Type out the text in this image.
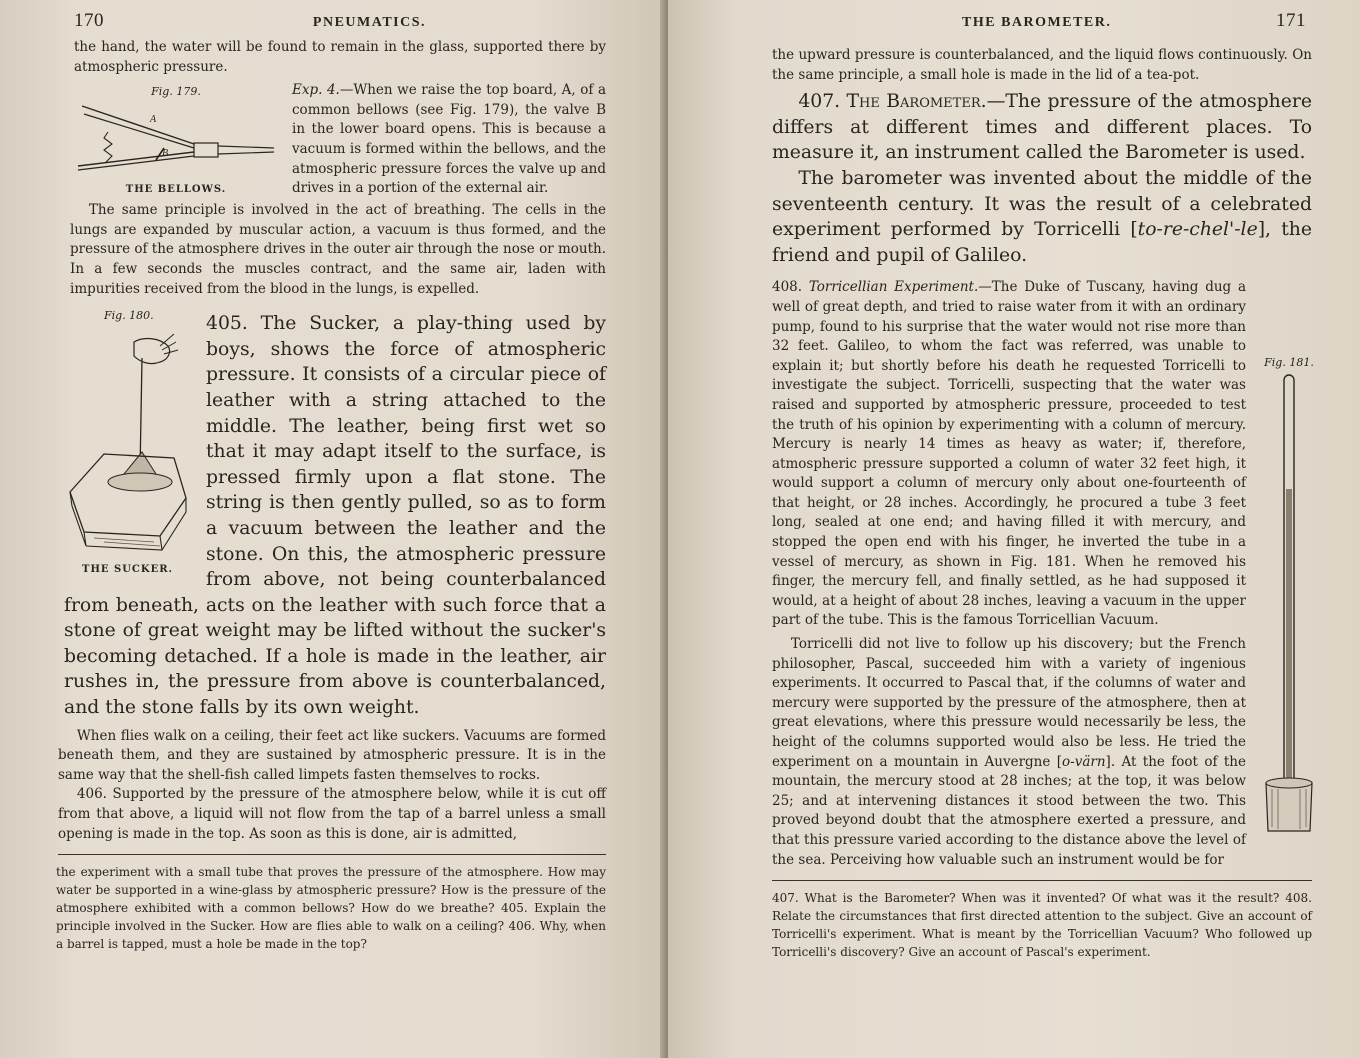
170	PNEUMATICS.

the hand, the water will be found to remain in the glass, supported there by atmospheric pressure.

Fig. 179.
A
B
THE BELLOWS.

Exp. 4.—When we raise the top board, A, of a common bellows (see Fig. 179), the valve B in the lower board opens. This is because a vacuum is formed within the bellows, and the atmospheric pressure forces the valve up and drives in a portion of the external air.

The same principle is involved in the act of breathing. The cells in the lungs are expanded by muscular action, a vacuum is thus formed, and the pressure of the atmosphere drives in the outer air through the nose or mouth. In a few seconds the muscles contract, and the same air, laden with impurities received from the blood in the lungs, is expelled.

Fig. 180.
THE SUCKER.

405. The Sucker, a play-thing used by boys, shows the force of atmospheric pressure. It consists of a circular piece of leather with a string attached to the middle. The leather, being first wet so that it may adapt itself to the surface, is pressed firmly upon a flat stone. The string is then gently pulled, so as to form a vacuum between the leather and the stone. On this, the atmospheric pressure from above, not being counterbalanced from beneath, acts on the leather with such force that a stone of great weight may be lifted without the sucker's becoming detached. If a hole is made in the leather, air rushes in, the pressure from above is counterbalanced, and the stone falls by its own weight.

When flies walk on a ceiling, their feet act like suckers. Vacuums are formed beneath them, and they are sustained by atmospheric pressure. It is in the same way that the shell-fish called limpets fasten themselves to rocks.

406. Supported by the pressure of the atmosphere below, while it is cut off from that above, a liquid will not flow from the tap of a barrel unless a small opening is made in the top. As soon as this is done, air is admitted,

the experiment with a small tube that proves the pressure of the atmosphere. How may water be supported in a wine-glass by atmospheric pressure? How is the pressure of the atmosphere exhibited with a common bellows? How do we breathe? 405. Explain the principle involved in the Sucker. How are flies able to walk on a ceiling? 406. Why, when a barrel is tapped, must a hole be made in the top?

THE BAROMETER.	171

the upward pressure is counterbalanced, and the liquid flows continuously. On the same principle, a small hole is made in the lid of a tea-pot.

407. The Barometer.—The pressure of the atmosphere differs at different times and different places. To measure it, an instrument called the Barometer is used.

The barometer was invented about the middle of the seventeenth century. It was the result of a celebrated experiment performed by Torricelli [to-re-chel'-le], the friend and pupil of Galileo.

Fig. 181.

408. Torricellian Experiment.—The Duke of Tuscany, having dug a well of great depth, and tried to raise water from it with an ordinary pump, found to his surprise that the water would not rise more than 32 feet. Galileo, to whom the fact was referred, was unable to explain it; but shortly before his death he requested Torricelli to investigate the subject. Torricelli, suspecting that the water was raised and supported by atmospheric pressure, proceeded to test the truth of his opinion by experimenting with a column of mercury. Mercury is nearly 14 times as heavy as water; if, therefore, atmospheric pressure supported a column of water 32 feet high, it would support a column of mercury only about one-fourteenth of that height, or 28 inches. Accordingly, he procured a tube 3 feet long, sealed at one end; and having filled it with mercury, and stopped the open end with his finger, he inverted the tube in a vessel of mercury, as shown in Fig. 181. When he removed his finger, the mercury fell, and finally settled, as he had supposed it would, at a height of about 28 inches, leaving a vacuum in the upper part of the tube. This is the famous Torricellian Vacuum.

Torricelli did not live to follow up his discovery; but the French philosopher, Pascal, succeeded him with a variety of ingenious experiments. It occurred to Pascal that, if the columns of water and mercury were supported by the pressure of the atmosphere, then at great elevations, where this pressure would necessarily be less, the height of the columns supported would also be less. He tried the experiment on a mountain in Auvergne [o-värn]. At the foot of the mountain, the mercury stood at 28 inches; at the top, it was below 25; and at intervening distances it stood between the two. This proved beyond doubt that the atmosphere exerted a pressure, and that this pressure varied according to the distance above the level of the sea. Perceiving how valuable such an instrument would be for

407. What is the Barometer? When was it invented? Of what was it the result? 408. Relate the circumstances that first directed attention to the subject. Give an account of Torricelli's experiment. What is meant by the Torricellian Vacuum? Who followed up Torricelli's discovery? Give an account of Pascal's experiment.
